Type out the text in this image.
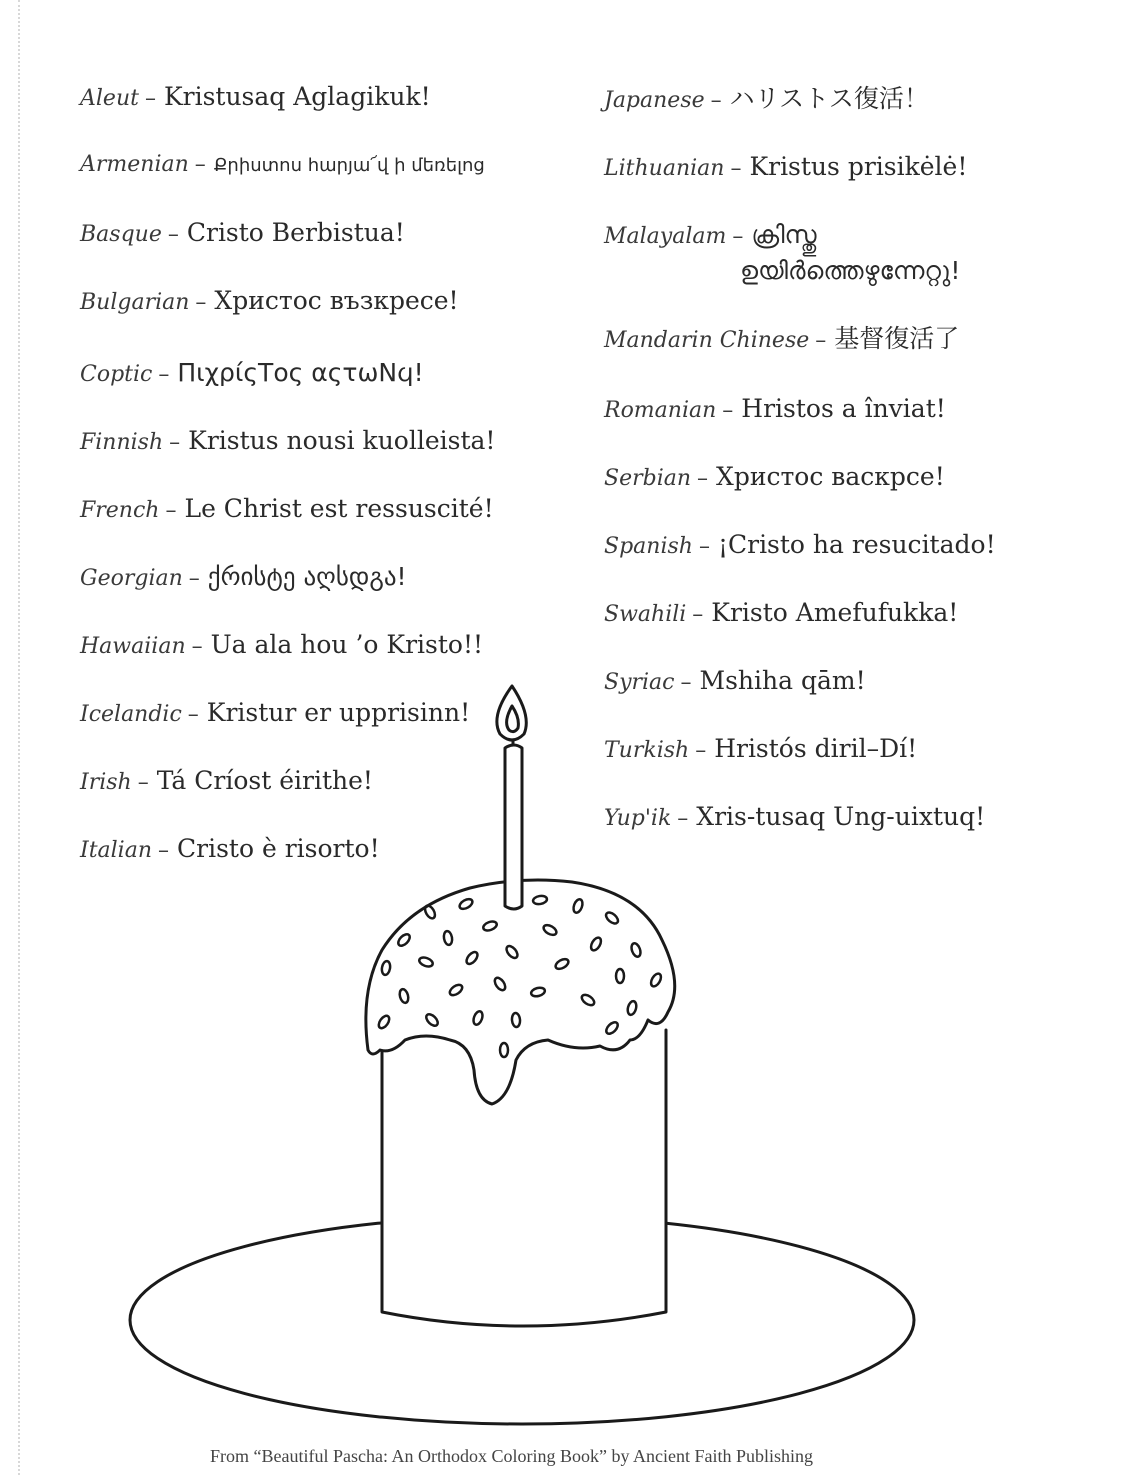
Aleut – Kristusaq Aglagikuk!
Armenian – Քրիստոս հարյա՜վ ի մեռելոց
Basque – Cristo Berbistua!
Bulgarian – Христос възкресе!
Coptic – ΠιχρίςΤος αςτωΝϥ!
Finnish – Kristus nousi kuolleista!
French – Le Christ est ressuscité!
Georgian – ქრისტე აღსდგა!
Hawaiian – Ua ala hou ’o Kristo!!
Icelandic – Kristur er upprisinn!
Irish – Tá Críost éirithe!
Italian – Cristo è risorto!
Japanese – ハリストス復活！
Lithuanian – Kristus prisikėlė!
Malayalam – ക്രിസ്തു
ഉയിർത്തെഴുന്നേറ്റു!
Mandarin Chinese – 基督復活了
Romanian – Hristos a înviat!
Serbian – Христос васкрсе!
Spanish – ¡Cristo ha resucitado!
Swahili – Kristo Amefufukka!
Syriac – Mshiha qām!
Turkish – Hristós diril–Dí!
Yup'ik – Xris-tusaq Ung-uixtuq!
From “Beautiful Pascha: An Orthodox Coloring Book” by Ancient Faith Publishing
